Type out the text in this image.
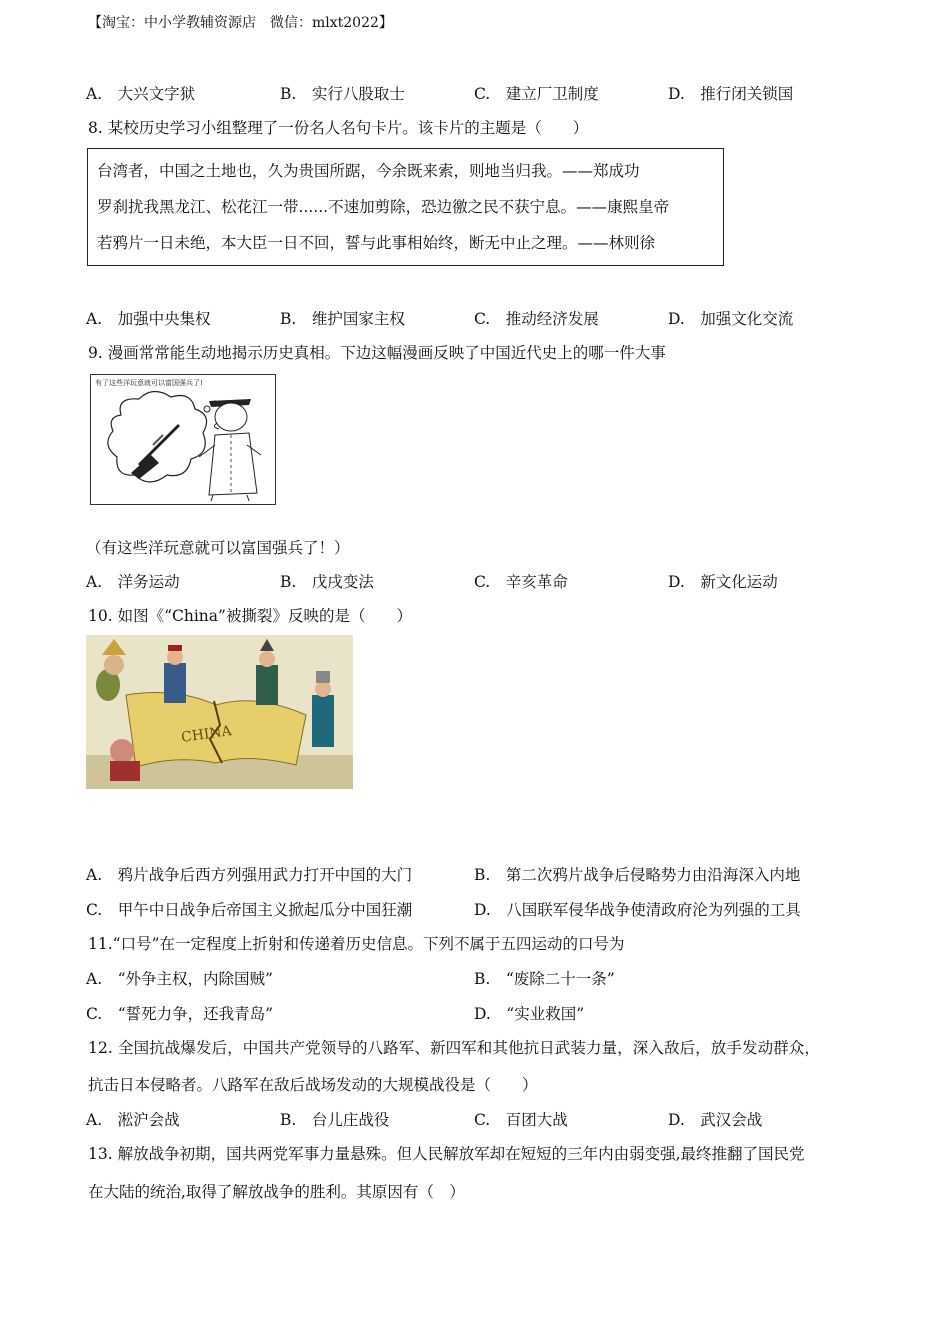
【淘宝：中小学教辅资源店　微信：mlxt2022】
A.　大兴文字狱	B.　实行八股取士	C.　建立厂卫制度	D.　推行闭关锁国
8. 某校历史学习小组整理了一份名人名句卡片。该卡片的主题是（　　）
台湾者，中国之土地也，久为贵国所踞，今余既来索，则地当归我。——郑成功
罗刹扰我黑龙江、松花江一带......不速加剪除，恐边徼之民不获宁息。——康熙皇帝
若鸦片一日未绝，本大臣一日不回，誓与此事相始终，断无中止之理。——林则徐
A.　加强中央集权	B.　维护国家主权	C.　推动经济发展	D.　加强文化交流
9. 漫画常常能生动地揭示历史真相。下边这幅漫画反映了中国近代史上的哪一件大事
有了这些洋玩意就可以富国强兵了!
（有这些洋玩意就可以富国强兵了！）
A.　洋务运动	B.　戊戌变法	C.　辛亥革命	D.　新文化运动
10. 如图《“China”被撕裂》反映的是（　　）
CHINA
A.　鸦片战争后西方列强用武力打开中国的大门	B.　第二次鸦片战争后侵略势力由沿海深入内地
C.　甲午中日战争后帝国主义掀起瓜分中国狂潮	D.　八国联军侵华战争使清政府沦为列强的工具
11.“口号”在一定程度上折射和传递着历史信息。下列不属于五四运动的口号为
A.　“外争主权，内除国贼”	B.　“废除二十一条”
C.　“誓死力争，还我青岛”	D.　“实业救国”
12. 全国抗战爆发后，中国共产党领导的八路军、新四军和其他抗日武装力量，深入敌后，放手发动群众，
抗击日本侵略者。八路军在敌后战场发动的大规模战役是（　　）
A.　淞沪会战	B.　台儿庄战役	C.　百团大战	D.　武汉会战
13. 解放战争初期，国共两党军事力量悬殊。但人民解放军却在短短的三年内由弱变强,最终推翻了国民党
在大陆的统治,取得了解放战争的胜利。其原因有（　）
